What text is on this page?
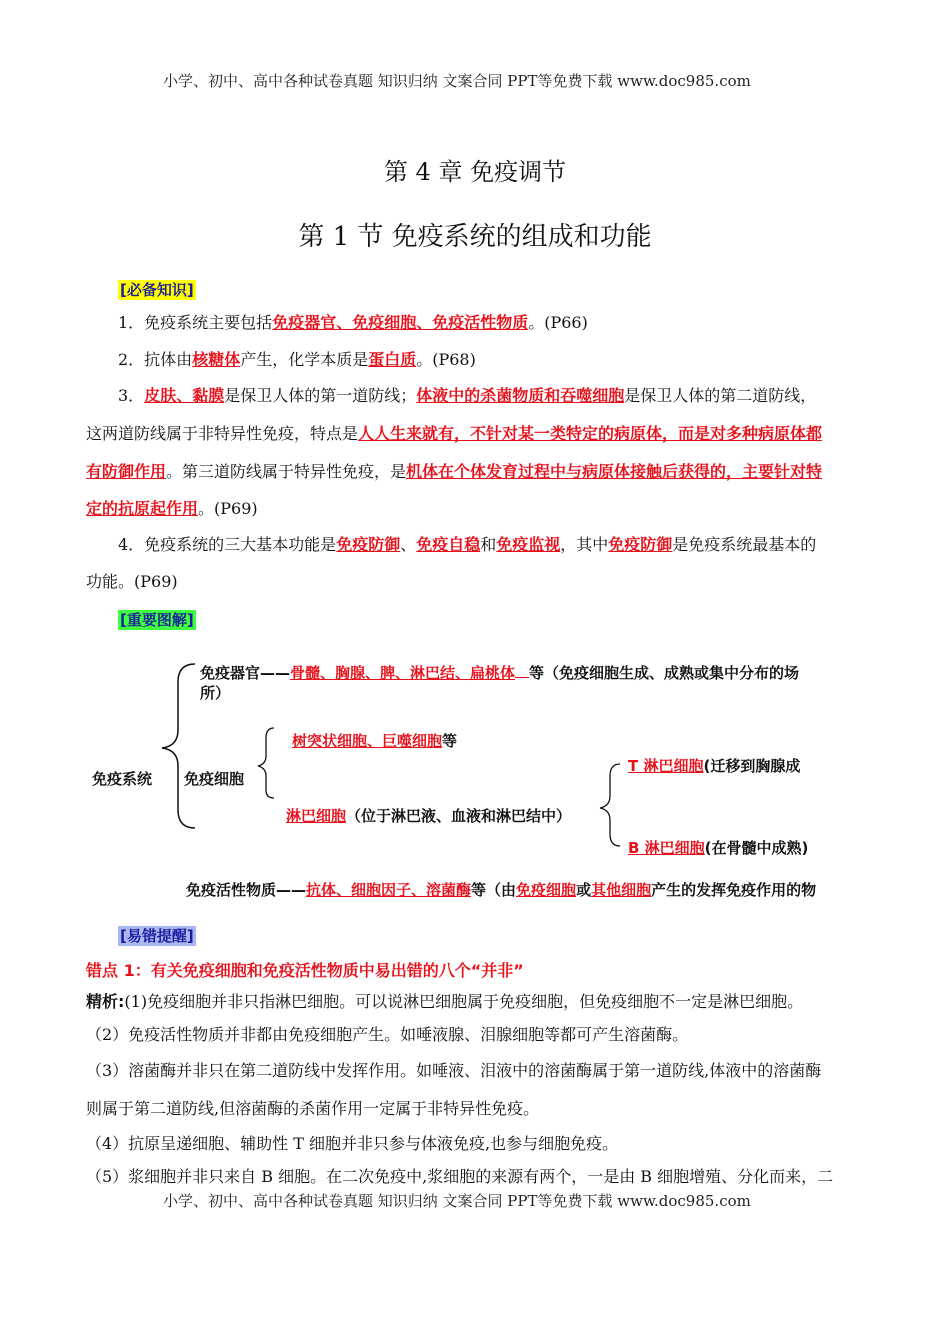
小学、初中、高中各种试卷真题 知识归纳 文案合同 PPT等免费下载 www.doc985.com
小学、初中、高中各种试卷真题 知识归纳 文案合同 PPT等免费下载 www.doc985.com
第 4 章 免疫调节
第 1 节 免疫系统的组成和功能
[必备知识]
1．免疫系统主要包括免疫器官、免疫细胞、免疫活性物质。(P66)
2．抗体由核糖体产生，化学本质是蛋白质。(P68)
3．皮肤、黏膜是保卫人体的第一道防线；体液中的杀菌物质和吞噬细胞是保卫人体的第二道防线，
这两道防线属于非特异性免疫，特点是人人生来就有，不针对某一类特定的病原体，而是对多种病原体都
有防御作用。第三道防线属于特异性免疫，是机体在个体发育过程中与病原体接触后获得的，主要针对特
定的抗原起作用。(P69)
4．免疫系统的三大基本功能是免疫防御、免疫自稳和免疫监视，其中免疫防御是免疫系统最基本的
功能。(P69)
[重要图解]
免疫系统
免疫器官——骨髓、胸腺、脾、淋巴结、扁桃体 等（免疫细胞生成、成熟或集中分布的场
所）
免疫细胞
树突状细胞、巨噬细胞等
淋巴细胞（位于淋巴液、血液和淋巴结中）
T 淋巴细胞(迁移到胸腺成
B 淋巴细胞(在骨髓中成熟)
免疫活性物质——抗体、细胞因子、溶菌酶等（由免疫细胞或其他细胞产生的发挥免疫作用的物
[易错提醒]
错点 1：有关免疫细胞和免疫活性物质中易出错的八个“并非”
精析:(1)免疫细胞并非只指淋巴细胞。可以说淋巴细胞属于免疫细胞，但免疫细胞不一定是淋巴细胞。
（2）免疫活性物质并非都由免疫细胞产生。如唾液腺、泪腺细胞等都可产生溶菌酶。
（3）溶菌酶并非只在第二道防线中发挥作用。如唾液、泪液中的溶菌酶属于第一道防线,体液中的溶菌酶
则属于第二道防线,但溶菌酶的杀菌作用一定属于非特异性免疫。
（4）抗原呈递细胞、辅助性 T 细胞并非只参与体液免疫,也参与细胞免疫。
（5）浆细胞并非只来自 B 细胞。在二次免疫中,浆细胞的来源有两个，一是由 B 细胞增殖、分化而来，二
